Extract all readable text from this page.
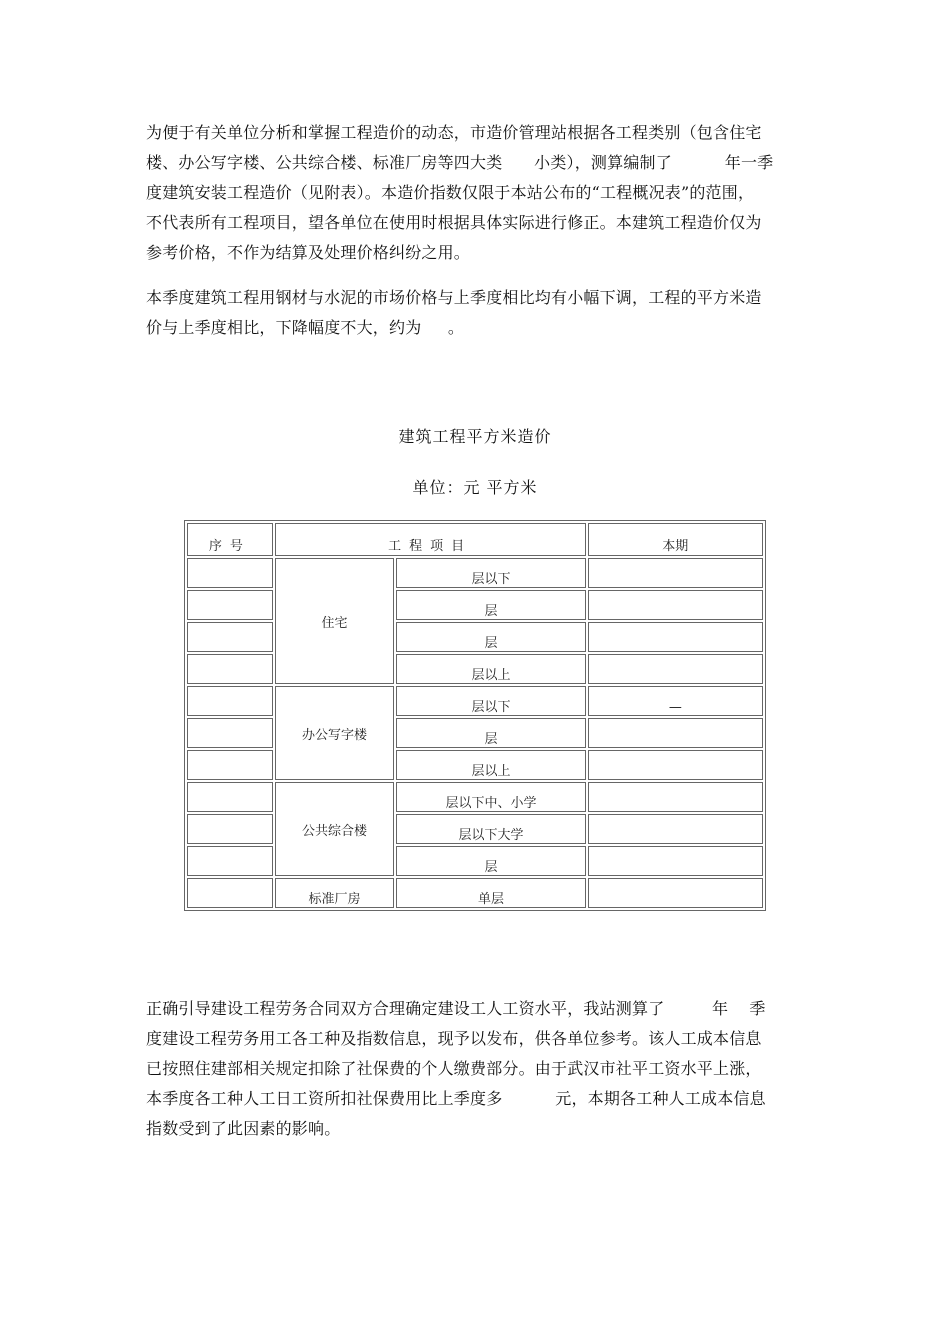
为便于有关单位分析和掌握工程造价的动态，市造价管理站根据各工程类别（包含住宅
楼、办公写字楼、公共综合楼、标准厂房等四大类      小类），测算编制了          年一季
度建筑安装工程造价（见附表）。本造价指数仅限于本站公布的“工程概况表”的范围，
不代表所有工程项目，望各单位在使用时根据具体实际进行修正。本建筑工程造价仅为
参考价格，不作为结算及处理价格纠纷之用。
本季度建筑工程用钢材与水泥的市场价格与上季度相比均有小幅下调，工程的平方米造
价与上季度相比，下降幅度不大，约为     。
建筑工程平方米造价
单位：元 平方米
序号	工程项目		本期
	住宅	层以下	
		层	
		层	
		层以上	
	办公写字楼	层以下	—
		层	
		层以上	
	公共综合楼	层以下中、小学	
		层以下大学	
		层	
	标准厂房	单层	
正确引导建设工程劳务合同双方合理确定建设工人工资水平，我站测算了         年    季
度建设工程劳务用工各工种及指数信息，现予以发布，供各单位参考。该人工成本信息
已按照住建部相关规定扣除了社保费的个人缴费部分。由于武汉市社平工资水平上涨，
本季度各工种人工日工资所扣社保费用比上季度多          元，本期各工种人工成本信息
指数受到了此因素的影响。
